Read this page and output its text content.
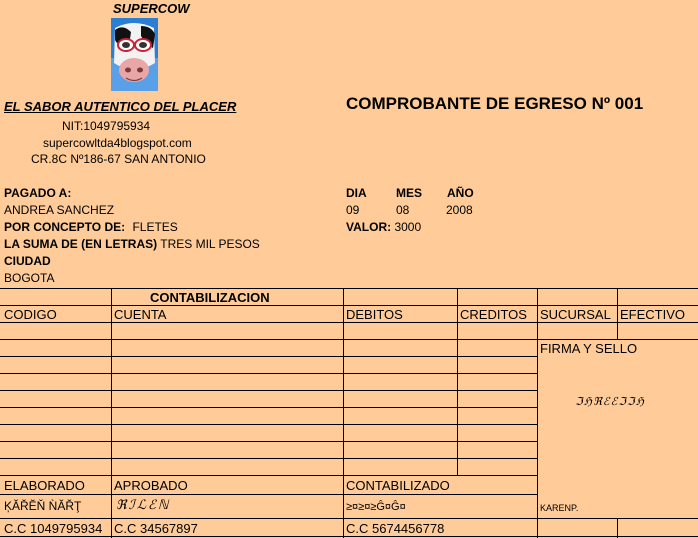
SUPERCOW
EL SABOR AUTENTICO DEL PLACER
NIT:1049795934
supercowltda4blogspot.com
CR.8C Nº186-67 SAN ANTONIO
COMPROBANTE DE EGRESO Nº 001
PAGADO A:
ANDREA SANCHEZ
POR CONCEPTO DE: FLETES
LA SUMA DE (EN LETRAS) TRES MIL PESOS
CIUDAD
BOGOTA
DIA MES AÑO
09	08	2008
VALOR: 3000
CONTABILIZACION
CODIGO	CUENTA	DEBITOS	CREDITOS SUCURSAL EFECTIVO
FIRMA Y SELLO
ℑℌℜℰℰℑℑℌ
ELABORADO APROBADO	CONTABILIZADO
ĶĂŘĔŇ ǸĂŘŢ	ℜℐℒℰℕ	≥¤≥¤≥Ĝ¤Ĝ¤	KARENP.
C.C 1049795934 C.C 34567897	C.C 5674456778
